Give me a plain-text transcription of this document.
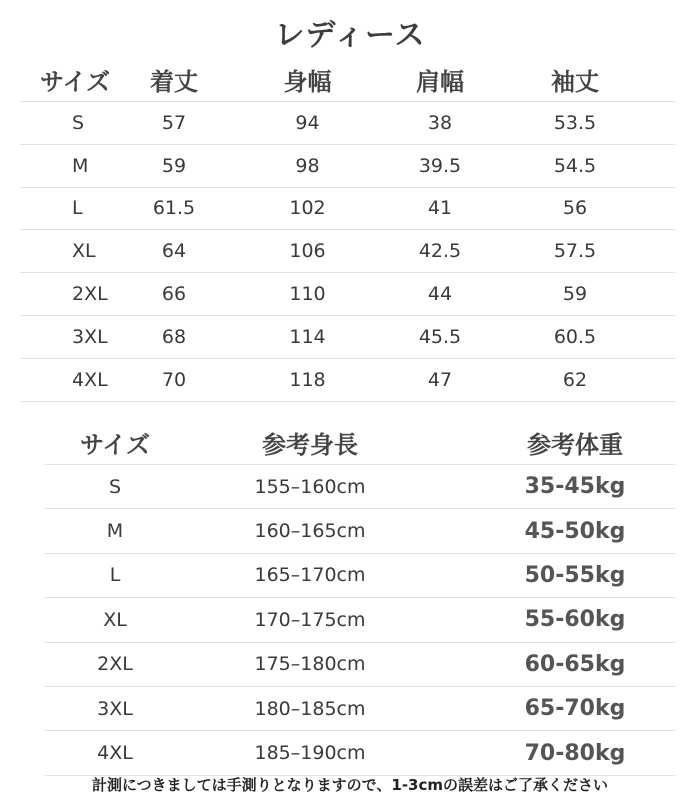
レディース
サイズ	着丈	身幅	肩幅	袖丈
S	57	94	38	53.5
M	59	98	39.5	54.5
L	61.5	102	41	56
XL	64	106	42.5	57.5
2XL	66	110	44	59
3XL	68	114	45.5	60.5
4XL	70	118	47	62
サイズ	参考身長	参考体重
S	155–160cm	35-45kg
M	160–165cm	45-50kg
L	165–170cm	50-55kg
XL	170–175cm	55-60kg
2XL	175–180cm	60-65kg
3XL	180–185cm	65-70kg
4XL	185–190cm	70-80kg
計測につきましては手測りとなりますので、1-3cmの誤差はご了承ください
